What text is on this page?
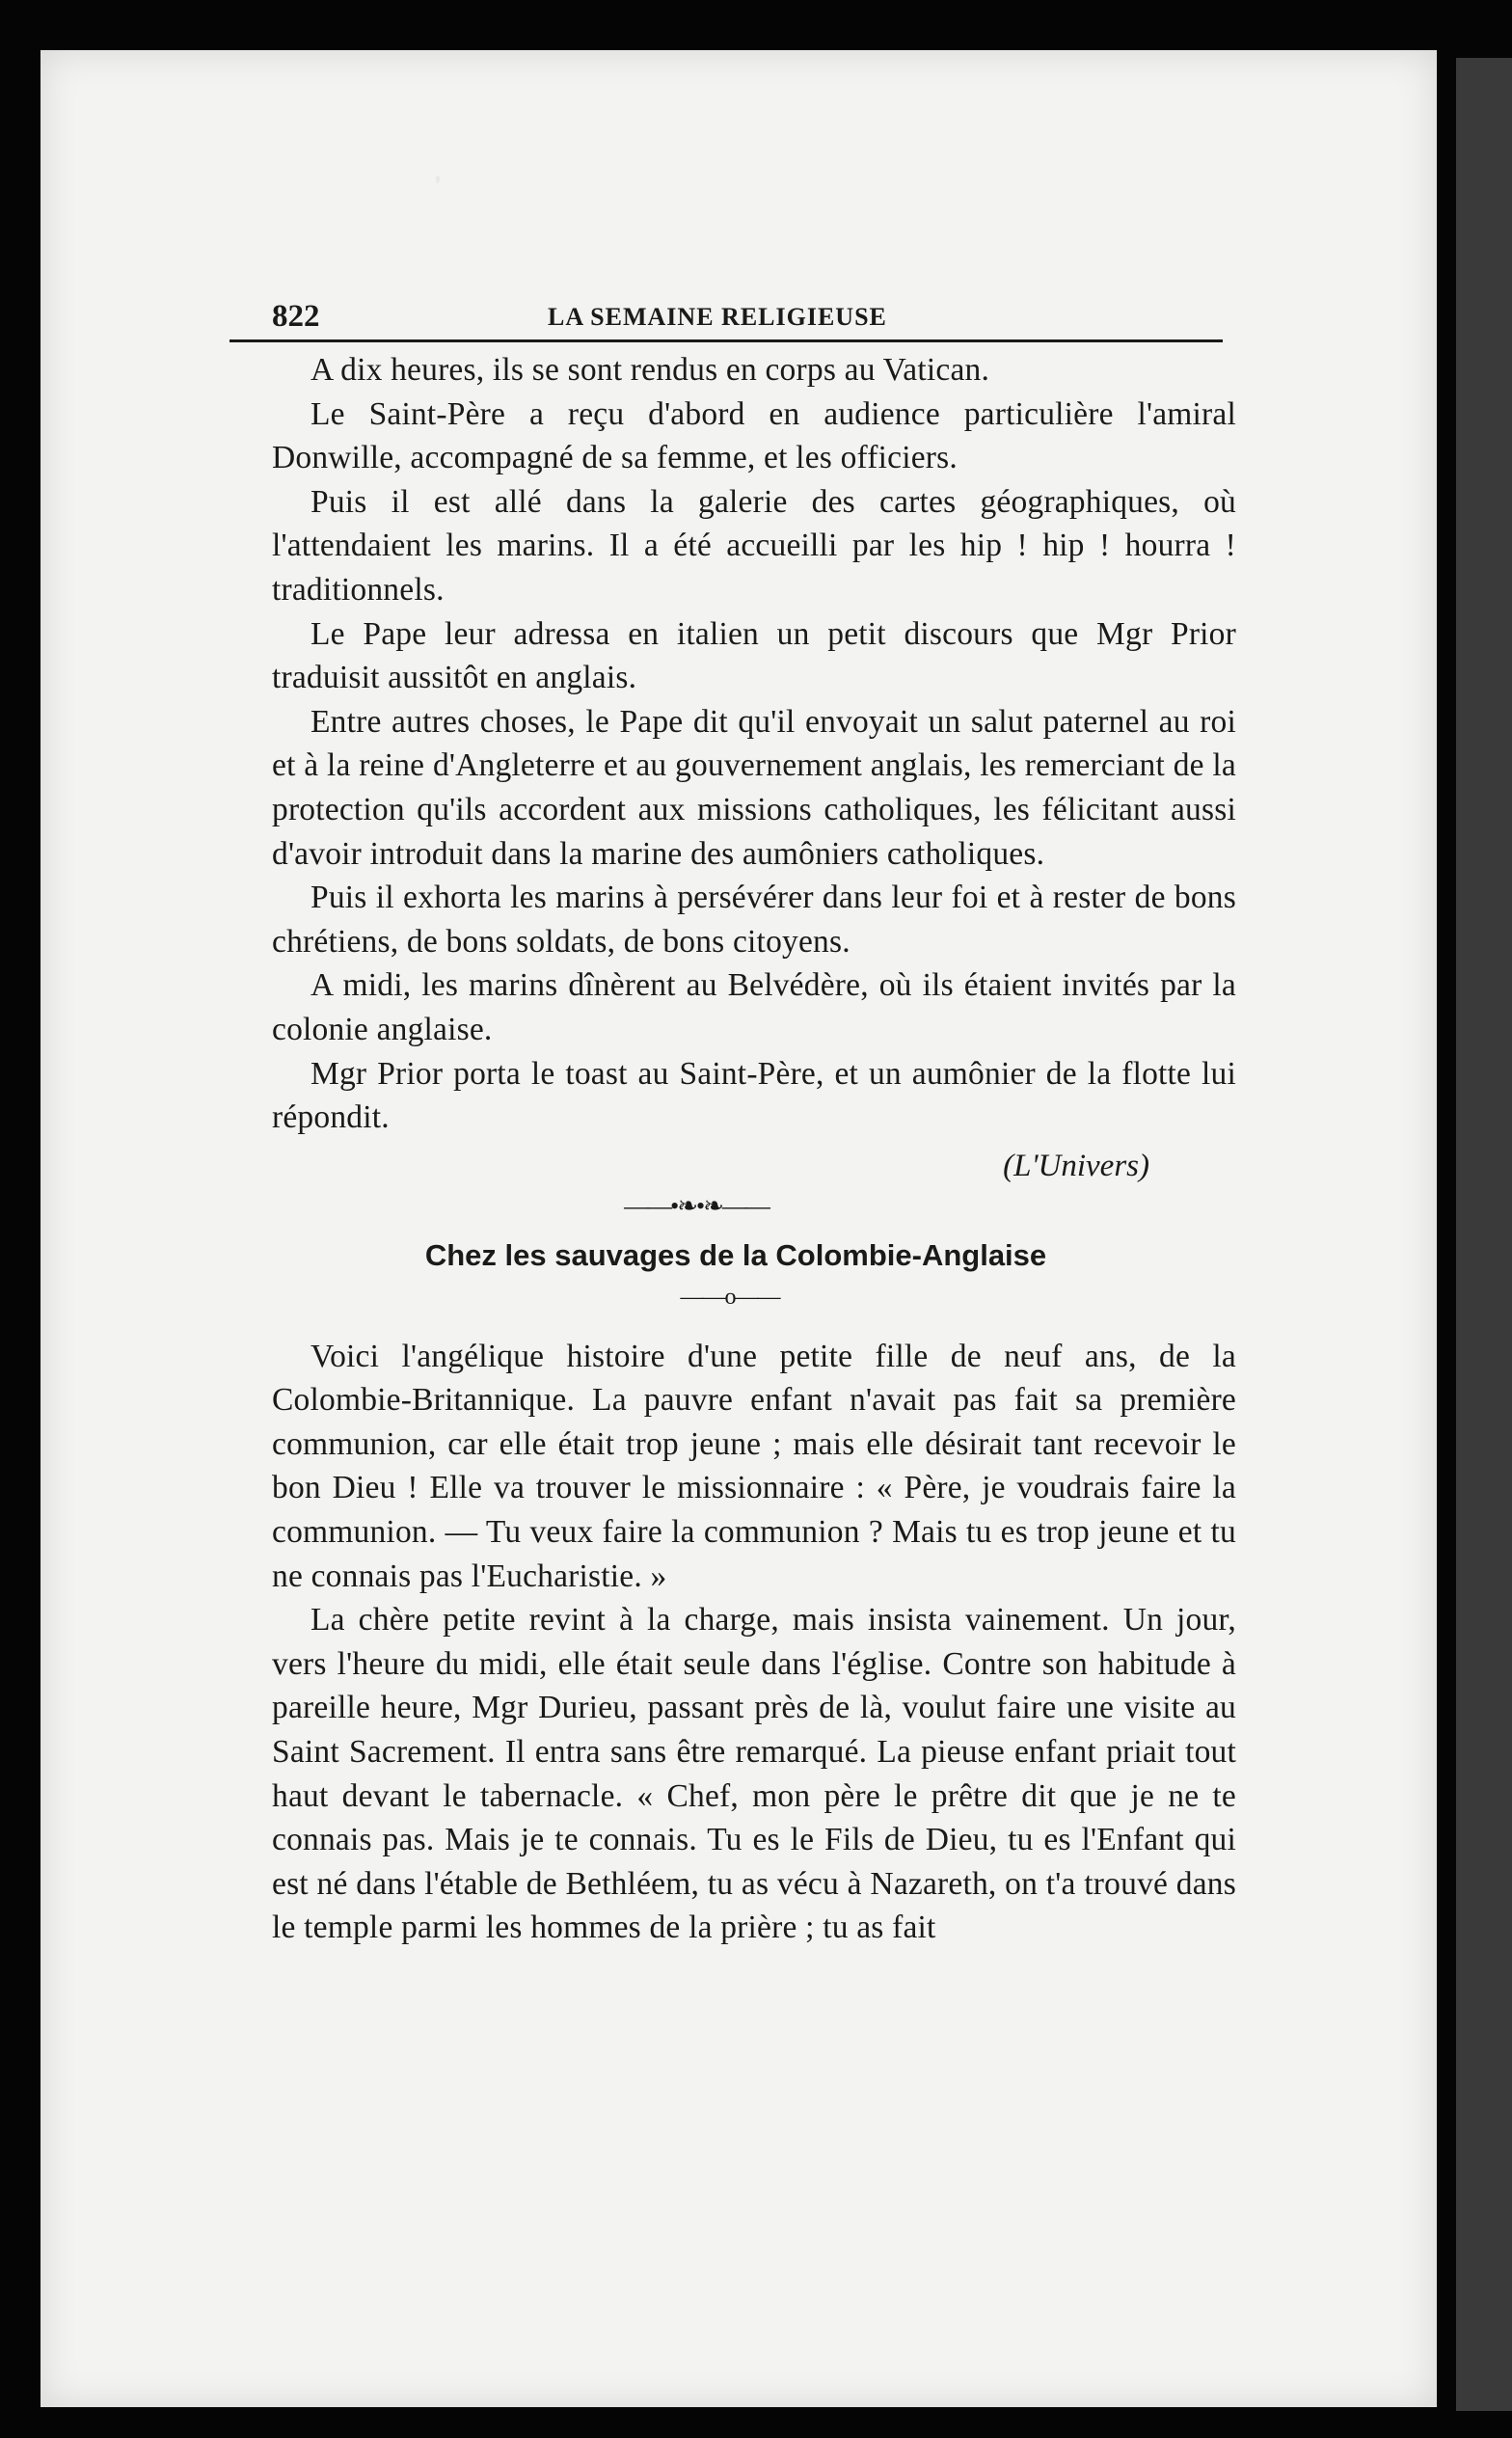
822	LA SEMAINE RELIGIEUSE

A dix heures, ils se sont rendus en corps au Vatican.

Le Saint-Père a reçu d'abord en audience particulière l'amiral Donwille, accompagné de sa femme, et les officiers.

Puis il est allé dans la galerie des cartes géographiques, où l'attendaient les marins. Il a été accueilli par les hip ! hip ! hourra ! traditionnels.

Le Pape leur adressa en italien un petit discours que Mgr Prior traduisit aussitôt en anglais.

Entre autres choses, le Pape dit qu'il envoyait un salut paternel au roi et à la reine d'Angleterre et au gouvernement anglais, les remerciant de la protection qu'ils accordent aux missions catholiques, les félicitant aussi d'avoir introduit dans la marine des aumôniers catholiques.

Puis il exhorta les marins à persévérer dans leur foi et à rester de bons chrétiens, de bons soldats, de bons citoyens.

A midi, les marins dînèrent au Belvédère, où ils étaient invités par la colonie anglaise.

Mgr Prior porta le toast au Saint-Père, et un aumônier de la flotte lui répondit.

(L'Univers)

——•❧•❧——

Chez les sauvages de la Colombie-Anglaise

——o——

Voici l'angélique histoire d'une petite fille de neuf ans, de la Colombie-Britannique. La pauvre enfant n'avait pas fait sa première communion, car elle était trop jeune ; mais elle désirait tant recevoir le bon Dieu ! Elle va trouver le missionnaire : « Père, je voudrais faire la communion. — Tu veux faire la communion ? Mais tu es trop jeune et tu ne connais pas l'Eucharistie. »

La chère petite revint à la charge, mais insista vainement. Un jour, vers l'heure du midi, elle était seule dans l'église. Contre son habitude à pareille heure, Mgr Durieu, passant près de là, voulut faire une visite au Saint Sacrement. Il entra sans être remarqué. La pieuse enfant priait tout haut devant le tabernacle. « Chef, mon père le prêtre dit que je ne te connais pas. Mais je te connais. Tu es le Fils de Dieu, tu es l'Enfant qui est né dans l'étable de Bethléem, tu as vécu à Nazareth, on t'a trouvé dans le temple parmi les hommes de la prière ; tu as fait
